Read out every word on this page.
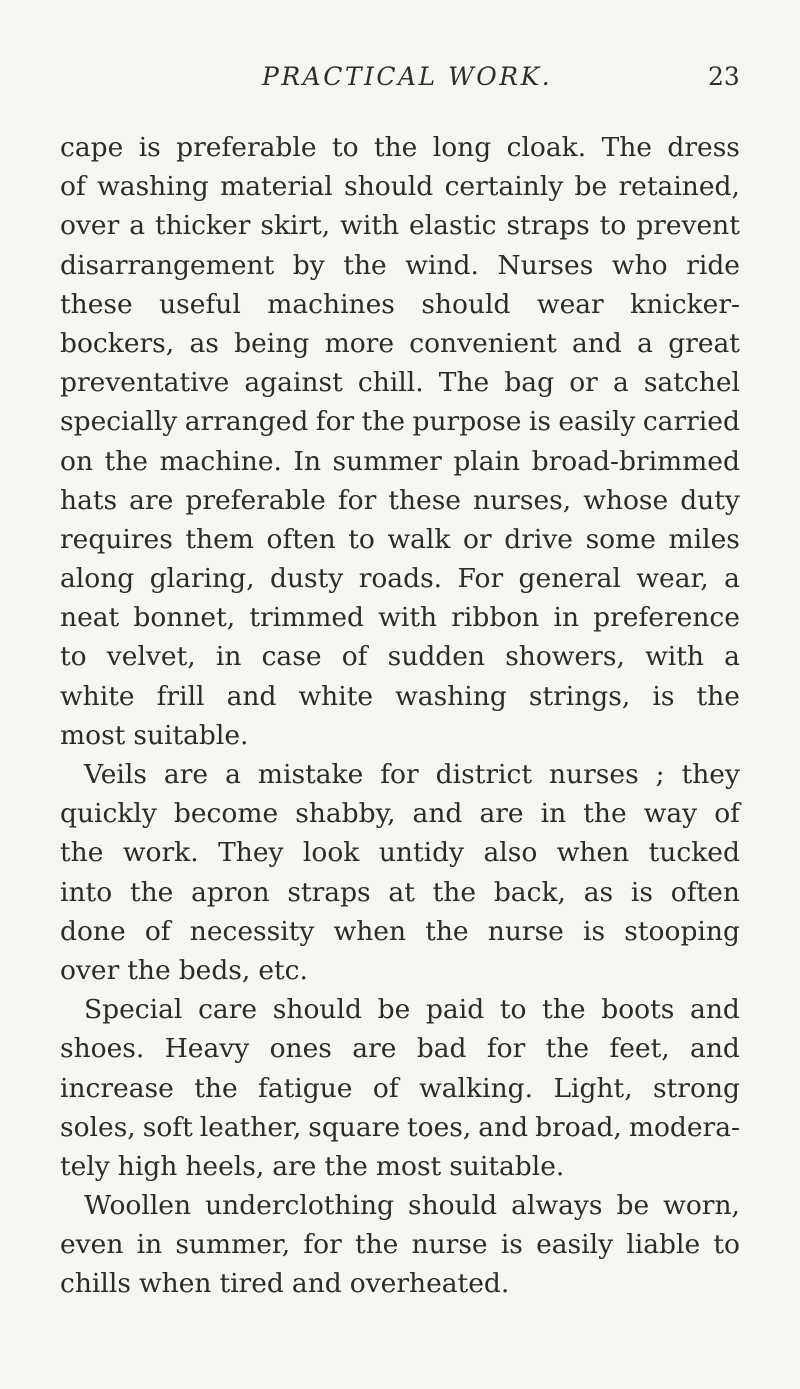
PRACTICAL WORK.	23
cape is preferable to the long cloak. The dress
of washing material should certainly be retained,
over a thicker skirt, with elastic straps to prevent
disarrangement by the wind. Nurses who ride
these useful machines should wear knicker-
bockers, as being more convenient and a great
preventative against chill. The bag or a satchel
specially arranged for the purpose is easily carried
on the machine. In summer plain broad-brimmed
hats are preferable for these nurses, whose duty
requires them often to walk or drive some miles
along glaring, dusty roads. For general wear, a
neat bonnet, trimmed with ribbon in preference
to velvet, in case of sudden showers, with a
white frill and white washing strings, is the
most suitable.
Veils are a mistake for district nurses ; they
quickly become shabby, and are in the way of
the work. They look untidy also when tucked
into the apron straps at the back, as is often
done of necessity when the nurse is stooping
over the beds, etc.
Special care should be paid to the boots and
shoes. Heavy ones are bad for the feet, and
increase the fatigue of walking. Light, strong
soles, soft leather, square toes, and broad, modera-
tely high heels, are the most suitable.
Woollen underclothing should always be worn,
even in summer, for the nurse is easily liable to
chills when tired and overheated.
